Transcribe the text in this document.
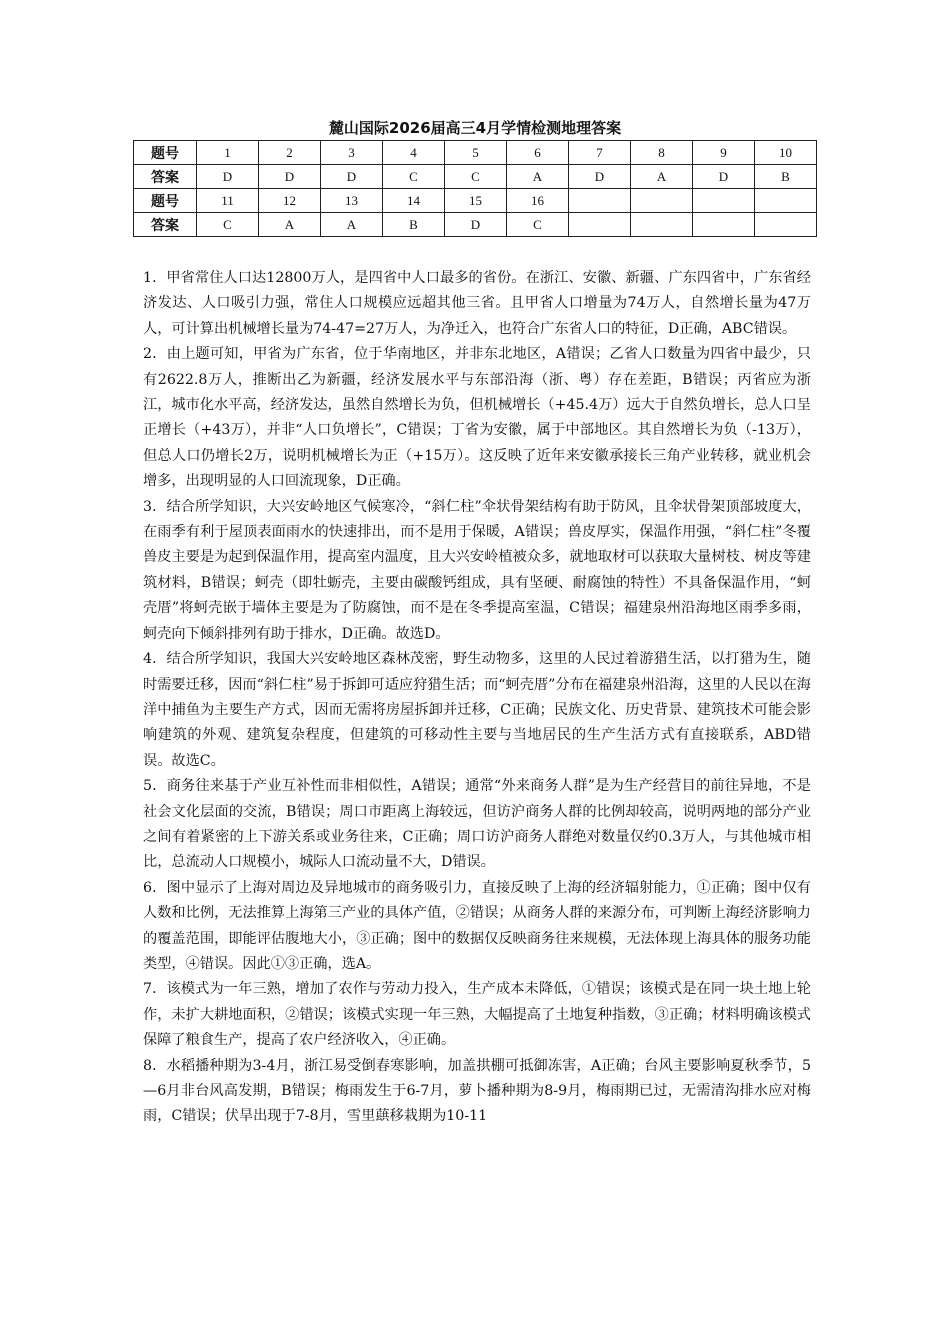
麓山国际2026届高三4月学情检测地理答案
题号	1	2	3	4	5	6	7	8	9	10
答案	D	D	D	C	C	A	D	A	D	B
题号	11	12	13	14	15	16				
答案	C	A	A	B	D	C				

1．甲省常住人口达12800万人，是四省中人口最多的省份。在浙江、安徽、新疆、广东四省中，广东省经济发达、人口吸引力强，常住人口规模应远超其他三省。且甲省人口增量为74万人，自然增长量为47万人，可计算出机械增长量为74-47=27万人，为净迁入，也符合广东省人口的特征，D正确，ABC错误。

2．由上题可知，甲省为广东省，位于华南地区，并非东北地区，A错误；乙省人口数量为四省中最少，只有2622.8万人，推断出乙为新疆，经济发展水平与东部沿海（浙、粤）存在差距，B错误；丙省应为浙江，城市化水平高，经济发达，虽然自然增长为负，但机械增长（+45.4万）远大于自然负增长，总人口呈正增长（+43万），并非“人口负增长”，C错误；丁省为安徽，属于中部地区。其自然增长为负（-13万），但总人口仍增长2万，说明机械增长为正（+15万）。这反映了近年来安徽承接长三角产业转移，就业机会增多，出现明显的人口回流现象，D正确。

3．结合所学知识，大兴安岭地区气候寒冷，“斜仁柱”伞状骨架结构有助于防风，且伞状骨架顶部坡度大，在雨季有利于屋顶表面雨水的快速排出，而不是用于保暖，A错误；兽皮厚实，保温作用强，“斜仁柱”冬覆兽皮主要是为起到保温作用，提高室内温度，且大兴安岭植被众多，就地取材可以获取大量树枝、树皮等建筑材料，B错误；蚵壳（即牡蛎壳，主要由碳酸钙组成，具有坚硬、耐腐蚀的特性）不具备保温作用，“蚵壳厝”将蚵壳嵌于墙体主要是为了防腐蚀，而不是在冬季提高室温，C错误；福建泉州沿海地区雨季多雨，蚵壳向下倾斜排列有助于排水，D正确。故选D。

4．结合所学知识，我国大兴安岭地区森林茂密，野生动物多，这里的人民过着游猎生活，以打猎为生，随时需要迁移，因而“斜仁柱”易于拆卸可适应狩猎生活；而“蚵壳厝”分布在福建泉州沿海，这里的人民以在海洋中捕鱼为主要生产方式，因而无需将房屋拆卸并迁移，C正确；民族文化、历史背景、建筑技术可能会影响建筑的外观、建筑复杂程度，但建筑的可移动性主要与当地居民的生产生活方式有直接联系，ABD错误。故选C。

5．商务往来基于产业互补性而非相似性，A错误；通常“外来商务人群”是为生产经营目的前往异地，不是社会文化层面的交流，B错误；周口市距离上海较远，但访沪商务人群的比例却较高，说明两地的部分产业之间有着紧密的上下游关系或业务往来，C正确；周口访沪商务人群绝对数量仅约0.3万人，与其他城市相比，总流动人口规模小，城际人口流动量不大，D错误。

6．图中显示了上海对周边及异地城市的商务吸引力，直接反映了上海的经济辐射能力，①正确；图中仅有人数和比例，无法推算上海第三产业的具体产值，②错误；从商务人群的来源分布，可判断上海经济影响力的覆盖范围，即能评估腹地大小，③正确；图中的数据仅反映商务往来规模，无法体现上海具体的服务功能类型，④错误。因此①③正确，选A。

7．该模式为一年三熟，增加了农作与劳动力投入，生产成本未降低，①错误；该模式是在同一块土地上轮作，未扩大耕地面积，②错误；该模式实现一年三熟，大幅提高了土地复种指数，③正确；材料明确该模式保障了粮食生产，提高了农户经济收入，④正确。

8．水稻播种期为3-4月，浙江易受倒春寒影响，加盖拱棚可抵御冻害，A正确；台风主要影响夏秋季节，5—6月非台风高发期，B错误；梅雨发生于6-7月，萝卜播种期为8-9月，梅雨期已过，无需清沟排水应对梅雨，C错误；伏旱出现于7-8月，雪里蕻移栽期为10-11
